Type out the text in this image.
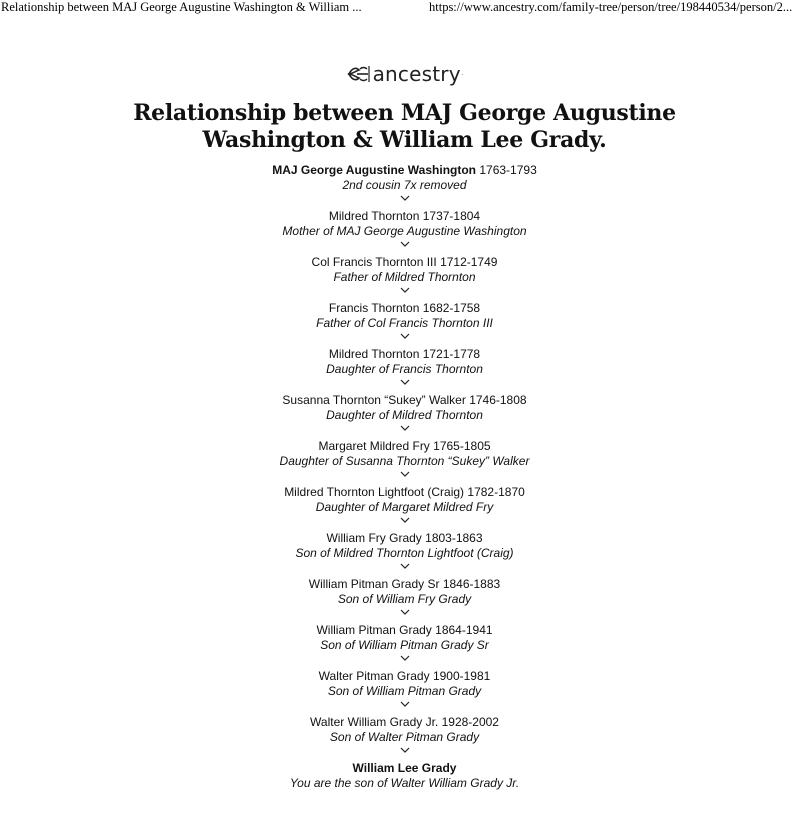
Relationship between MAJ George Augustine Washington & William ...	https://www.ancestry.com/family-tree/person/tree/198440534/person/2...
ancestry .
Relationship between MAJ George Augustine Washington & William Lee Grady.
MAJ George Augustine Washington 1763-1793
2nd cousin 7x removed
Mildred Thornton 1737-1804
Mother of MAJ George Augustine Washington
Col Francis Thornton III 1712-1749
Father of Mildred Thornton
Francis Thornton 1682-1758
Father of Col Francis Thornton III
Mildred Thornton 1721-1778
Daughter of Francis Thornton
Susanna Thornton “Sukey” Walker 1746-1808
Daughter of Mildred Thornton
Margaret Mildred Fry 1765-1805
Daughter of Susanna Thornton “Sukey” Walker
Mildred Thornton Lightfoot (Craig) 1782-1870
Daughter of Margaret Mildred Fry
William Fry Grady 1803-1863
Son of Mildred Thornton Lightfoot (Craig)
William Pitman Grady Sr 1846-1883
Son of William Fry Grady
William Pitman Grady 1864-1941
Son of William Pitman Grady Sr
Walter Pitman Grady 1900-1981
Son of William Pitman Grady
Walter William Grady Jr. 1928-2002
Son of Walter Pitman Grady
William Lee Grady
You are the son of Walter William Grady Jr.
